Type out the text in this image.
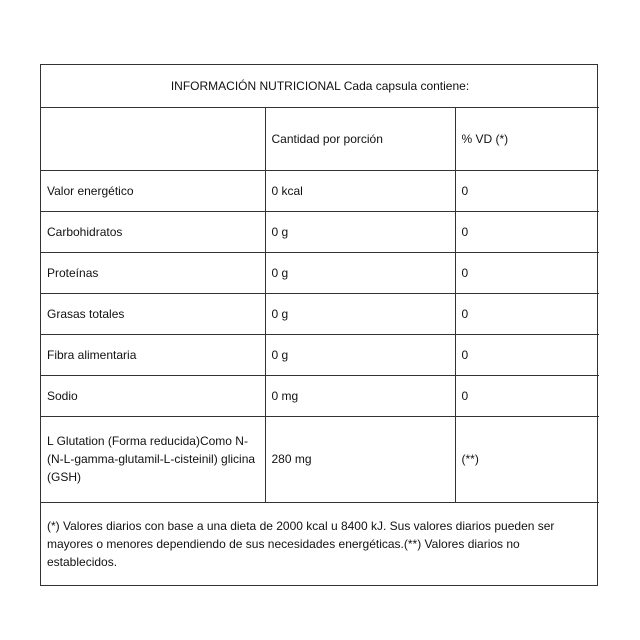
INFORMACIÓN NUTRICIONAL Cada capsula contiene:		
	Cantidad por porción	% VD (*)
Valor energético	0 kcal	0
Carbohidratos	0 g	0
Proteínas	0 g	0
Grasas totales	0 g	0
Fibra alimentaria	0 g	0
Sodio	0 mg	0
L Glutation (Forma reducida)Como N-(N-L-gamma-glutamil-L-cisteinil) glicina (GSH)	280 mg	(**)
(*) Valores diarios con base a una dieta de 2000 kcal u 8400 kJ. Sus valores diarios pueden ser mayores o menores dependiendo de sus necesidades energéticas.(**) Valores diarios no establecidos.		
